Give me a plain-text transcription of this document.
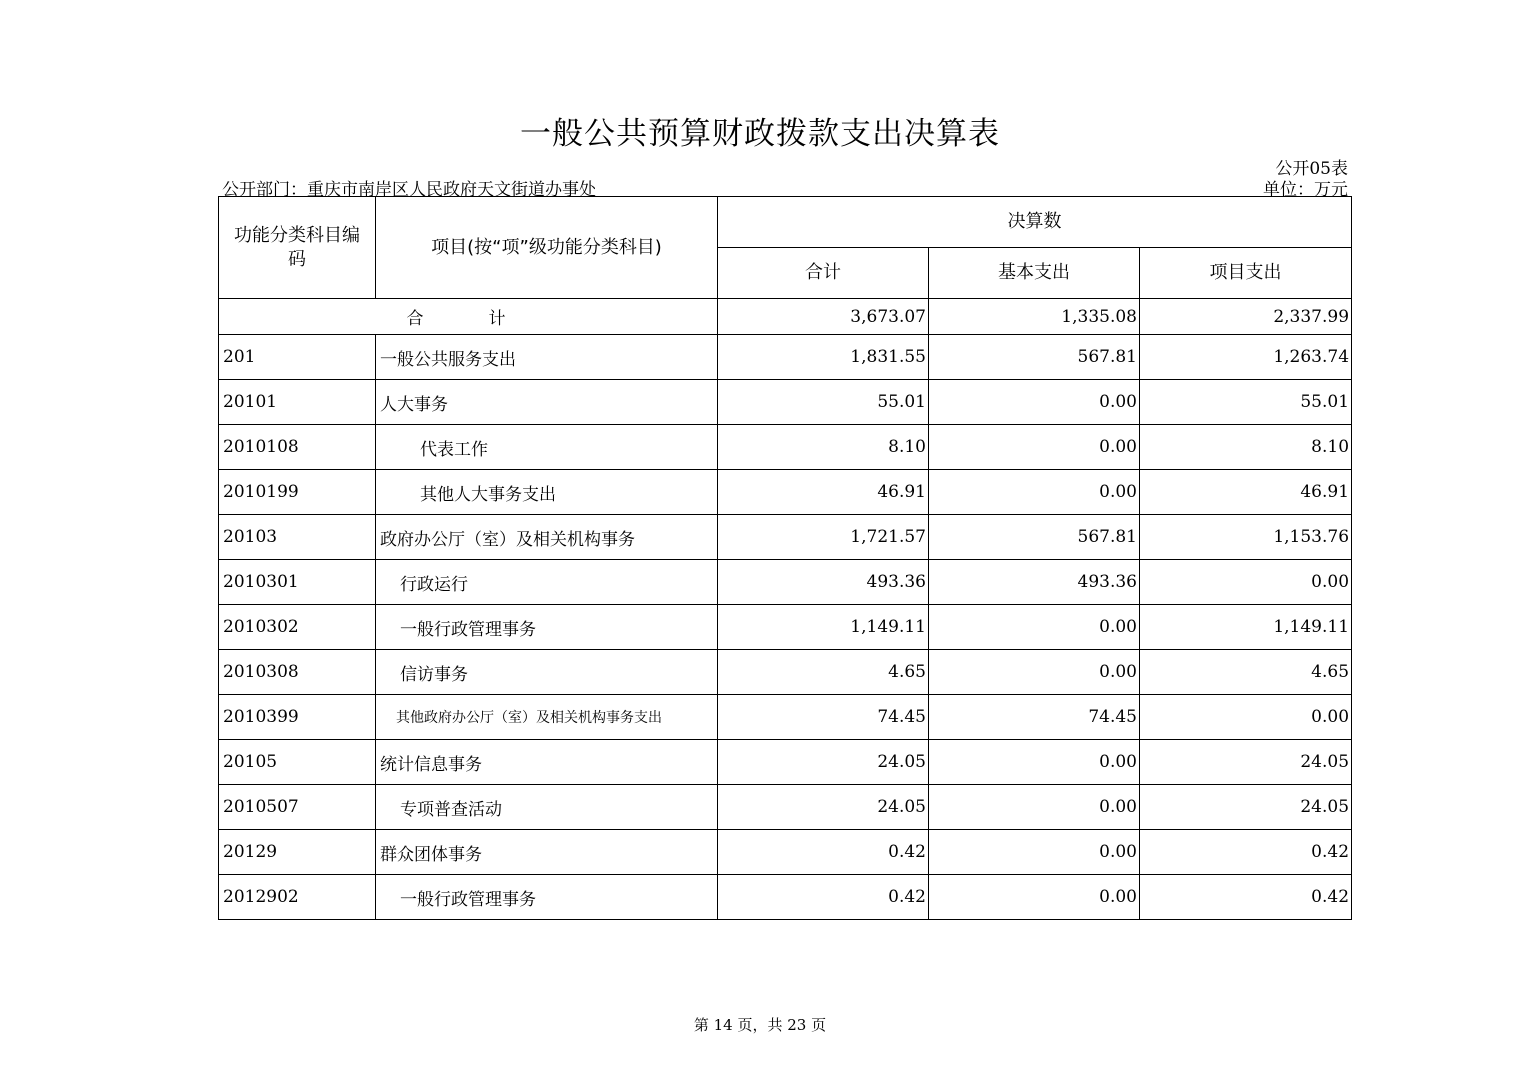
一般公共预算财政拨款支出决算表
公开05表
公开部门：重庆市南岸区人民政府天文街道办事处	单位：万元
功能分类科目编码	项目(按“项”级功能分类科目)	决算数		
		合计	基本支出	项目支出
合　计		3,673.07	1,335.08	2,337.99
201	一般公共服务支出	1,831.55	567.81	1,263.74
20101	人大事务	55.01	0.00	55.01
2010108	代表工作	8.10	0.00	8.10
2010199	其他人大事务支出	46.91	0.00	46.91
20103	政府办公厅（室）及相关机构事务	1,721.57	567.81	1,153.76
2010301	行政运行	493.36	493.36	0.00
2010302	一般行政管理事务	1,149.11	0.00	1,149.11
2010308	信访事务	4.65	0.00	4.65
2010399	其他政府办公厅（室）及相关机构事务支出	74.45	74.45	0.00
20105	统计信息事务	24.05	0.00	24.05
2010507	专项普查活动	24.05	0.00	24.05
20129	群众团体事务	0.42	0.00	0.42
2012902	一般行政管理事务	0.42	0.00	0.42
第 14 页，共 23 页
